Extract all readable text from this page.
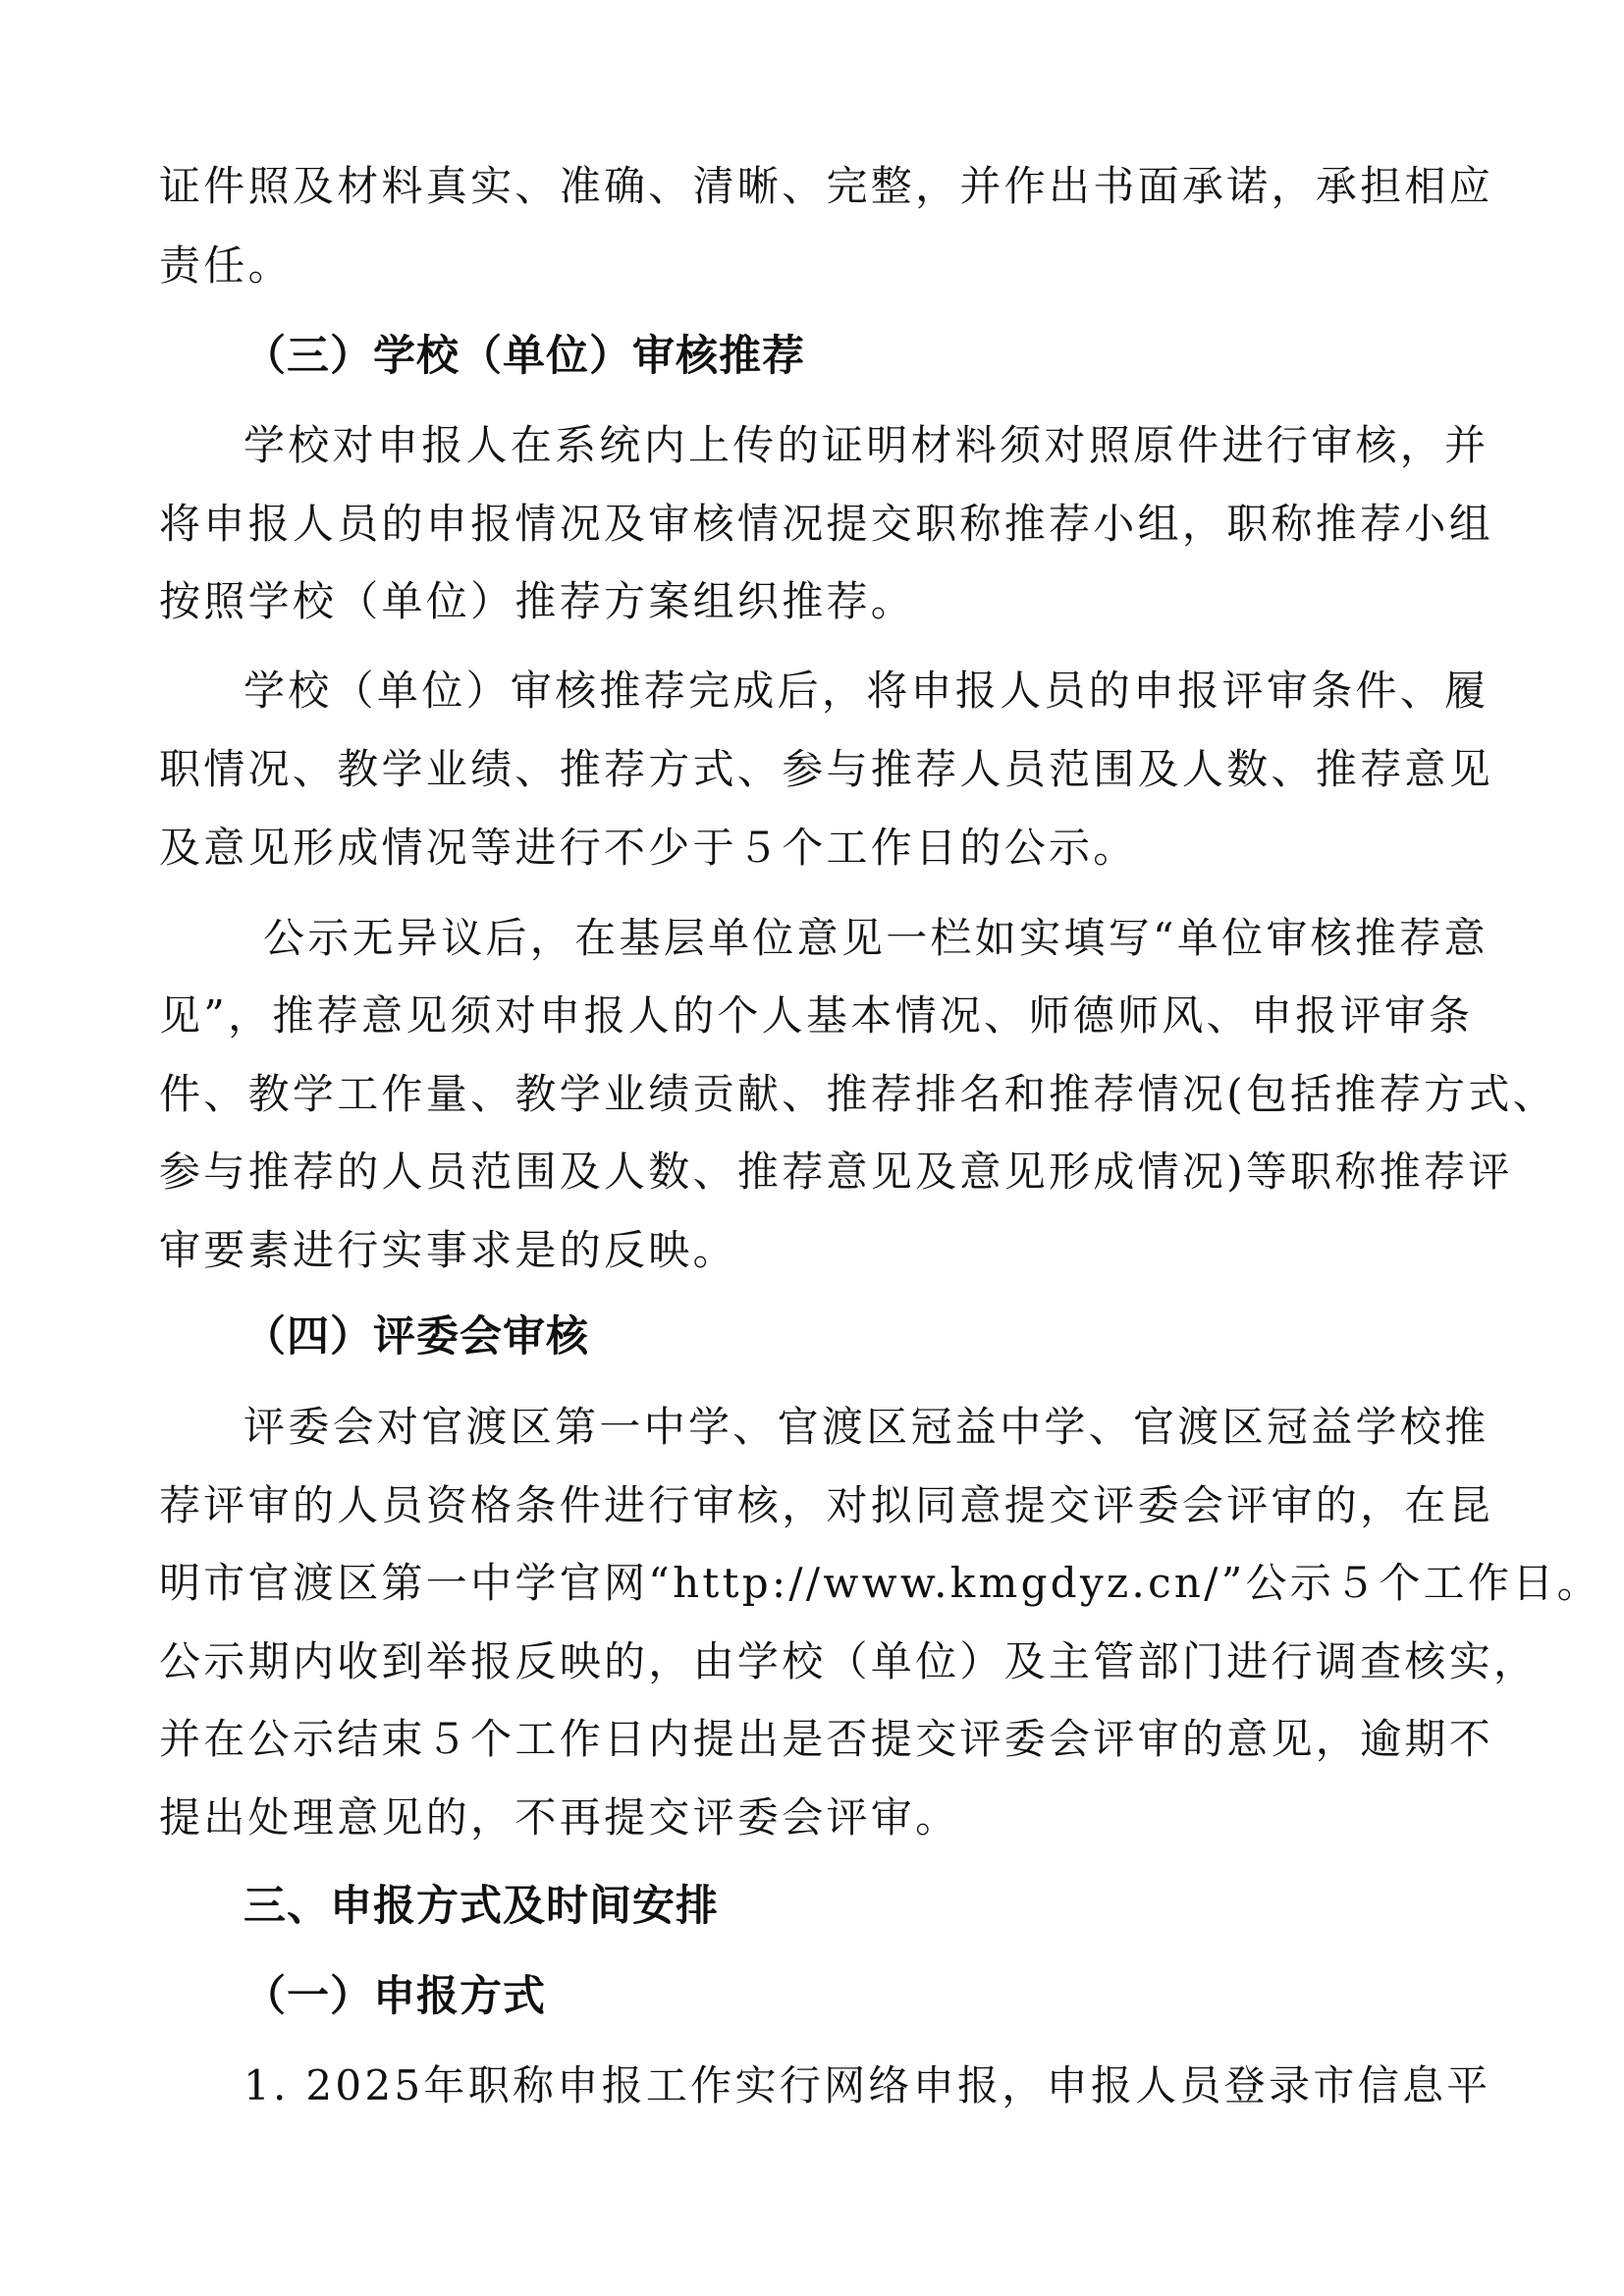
证件照及材料真实、准确、清晰、完整，并作出书面承诺，承担相应
责任。
（三）学校（单位）审核推荐
学校对申报人在系统内上传的证明材料须对照原件进行审核，并
将申报人员的申报情况及审核情况提交职称推荐小组，职称推荐小组
按照学校（单位）推荐方案组织推荐。
学校（单位）审核推荐完成后，将申报人员的申报评审条件、履
职情况、教学业绩、推荐方式、参与推荐人员范围及人数、推荐意见
及意见形成情况等进行不少于５个工作日的公示。
公示无异议后，在基层单位意见一栏如实填写“单位审核推荐意
见”，推荐意见须对申报人的个人基本情况、师德师风、申报评审条
件、教学工作量、教学业绩贡献、推荐排名和推荐情况(包括推荐方式、
参与推荐的人员范围及人数、推荐意见及意见形成情况)等职称推荐评
审要素进行实事求是的反映。
（四）评委会审核
评委会对官渡区第一中学、官渡区冠益中学、官渡区冠益学校推
荐评审的人员资格条件进行审核，对拟同意提交评委会评审的，在昆
明市官渡区第一中学官网“http://www.kmgdyz.cn/”公示５个工作日。
公示期内收到举报反映的，由学校（单位）及主管部门进行调查核实，
并在公示结束５个工作日内提出是否提交评委会评审的意见，逾期不
提出处理意见的，不再提交评委会评审。
三、申报方式及时间安排
（一）申报方式
1. 2025年职称申报工作实行网络申报，申报人员登录市信息平
